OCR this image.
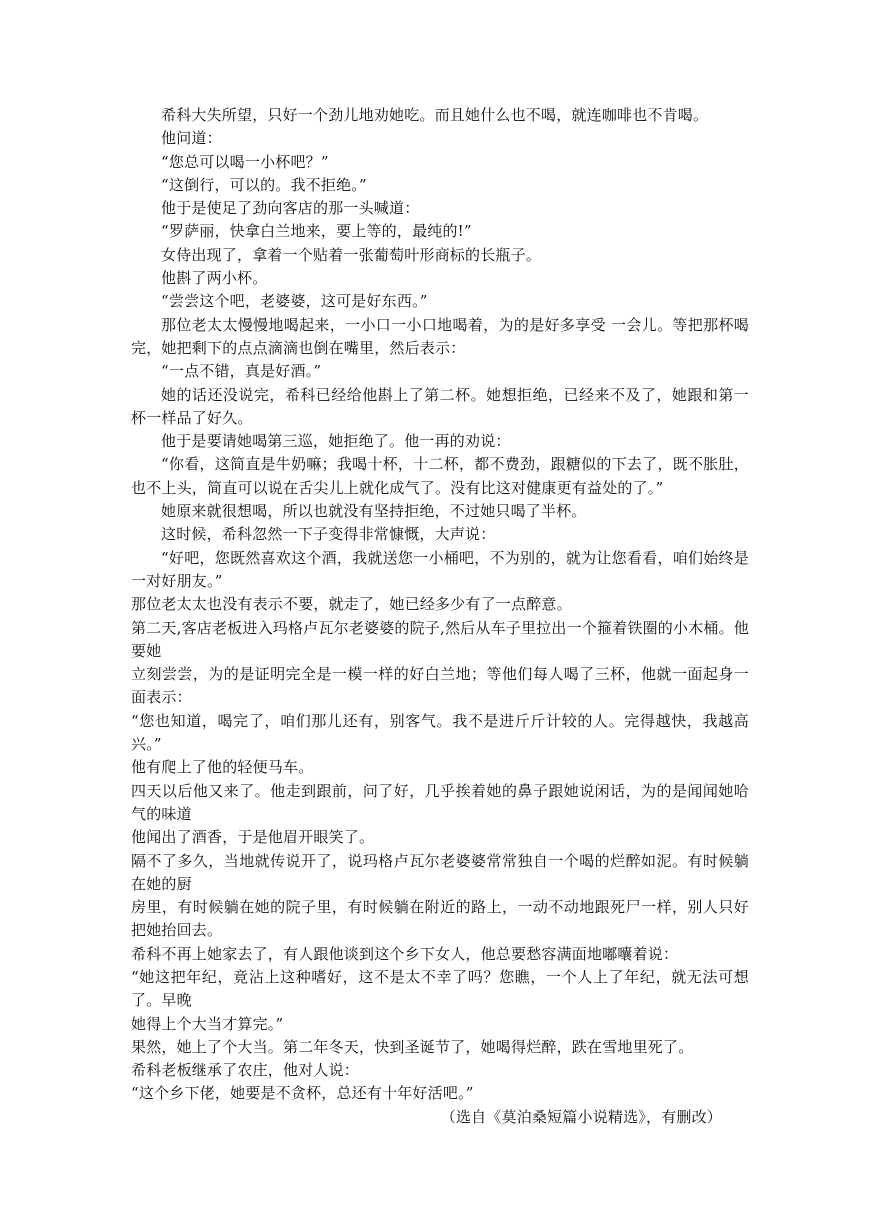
希科大失所望，只好一个劲儿地劝她吃。而且她什么也不喝，就连咖啡也不肯喝。

他问道：

“您总可以喝一小杯吧？”

“这倒行，可以的。我不拒绝。”

他于是使足了劲向客店的那一头喊道：

“罗萨丽，快拿白兰地来，要上等的，最纯的!”

女侍出现了，拿着一个贴着一张葡萄叶形商标的长瓶子。

他斟了两小杯。

“尝尝这个吧，老婆婆，这可是好东西。”

那位老太太慢慢地喝起来，一小口一小口地喝着，为的是好多享受 一会儿。等把那杯喝完，她把剩下的点点滴滴也倒在嘴里，然后表示：

“一点不错，真是好酒。”

她的话还没说完，希科已经给他斟上了第二杯。她想拒绝，已经来不及了，她跟和第一杯一样品了好久。

他于是要请她喝第三巡，她拒绝了。他一再的劝说：

“你看，这简直是牛奶嘛；我喝十杯，十二杯，都不费劲，跟糖似的下去了，既不胀肚，也不上头，简直可以说在舌尖儿上就化成气了。没有比这对健康更有益处的了。”

她原来就很想喝，所以也就没有坚持拒绝，不过她只喝了半杯。

这时候，希科忽然一下子变得非常慷慨，大声说：

“好吧，您既然喜欢这个酒，我就送您一小桶吧，不为别的，就为让您看看，咱们始终是一对好朋友。”

那位老太太也没有表示不要，就走了，她已经多少有了一点醉意。

第二天,客店老板进入玛格卢瓦尔老婆婆的院子,然后从车子里拉出一个箍着铁圈的小木桶。他要她

立刻尝尝，为的是证明完全是一模一样的好白兰地；等他们每人喝了三杯，他就一面起身一面表示：

“您也知道，喝完了，咱们那儿还有，别客气。我不是进斤斤计较的人。完得越快，我越高兴。”

他有爬上了他的轻便马车。

四天以后他又来了。他走到跟前，问了好，几乎挨着她的鼻子跟她说闲话，为的是闻闻她哈气的味道

他闻出了酒香，于是他眉开眼笑了。

隔不了多久，当地就传说开了，说玛格卢瓦尔老婆婆常常独自一个喝的烂醉如泥。有时候躺在她的厨

房里，有时候躺在她的院子里，有时候躺在附近的路上，一动不动地跟死尸一样，别人只好把她抬回去。

希科不再上她家去了，有人跟他谈到这个乡下女人，他总要愁容满面地嘟囔着说：

“她这把年纪，竟沾上这种嗜好，这不是太不幸了吗？您瞧，一个人上了年纪，就无法可想了。早晚

她得上个大当才算完。”

果然，她上了个大当。第二年冬天，快到圣诞节了，她喝得烂醉，跌在雪地里死了。

希科老板继承了农庄，他对人说：

“这个乡下佬，她要是不贪杯，总还有十年好活吧。”

（选自《莫泊桑短篇小说精选》，有删改）
